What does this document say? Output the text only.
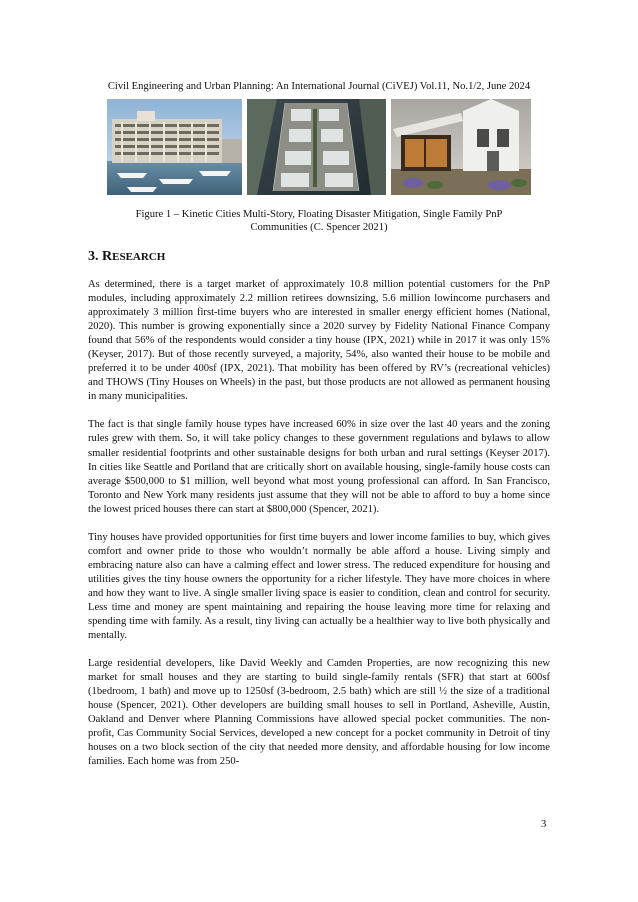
Civil Engineering and Urban Planning: An International Journal (CiVEJ) Vol.11, No.1/2, June 2024
Figure 1 – Kinetic Cities Multi-Story, Floating Disaster Mitigation, Single Family PnP Communities (C. Spencer 2021)
3. RESEARCH

As determined, there is a target market of approximately 10.8 million potential customers for the PnP modules, including approximately 2.2 million retirees downsizing, 5.6 million lowincome purchasers and approximately 3 million first-time buyers who are interested in smaller energy efficient homes (National, 2020). This number is growing exponentially since a 2020 survey by Fidelity National Finance Company found that 56% of the respondents would consider a tiny house (IPX, 2021) while in 2017 it was only 15% (Keyser, 2017). But of those recently surveyed, a majority, 54%, also wanted their house to be mobile and preferred it to be under 400sf (IPX, 2021). That mobility has been offered by RV’s (recreational vehicles) and THOWS (Tiny Houses on Wheels) in the past, but those products are not allowed as permanent housing in many municipalities.

The fact is that single family house types have increased 60% in size over the last 40 years and the zoning rules grew with them. So, it will take policy changes to these government regulations and bylaws to allow smaller residential footprints and other sustainable designs for both urban and rural settings (Keyser 2017). In cities like Seattle and Portland that are critically short on available housing, single-family house costs can average $500,000 to $1 million, well beyond what most young professional can afford. In San Francisco, Toronto and New York many residents just assume that they will not be able to afford to buy a home since the lowest priced houses there can start at $800,000 (Spencer, 2021).

Tiny houses have provided opportunities for first time buyers and lower income families to buy, which gives comfort and owner pride to those who wouldn’t normally be able afford a house. Living simply and embracing nature also can have a calming effect and lower stress. The reduced expenditure for housing and utilities gives the tiny house owners the opportunity for a richer lifestyle. They have more choices in where and how they want to live. A single smaller living space is easier to condition, clean and control for security. Less time and money are spent maintaining and repairing the house leaving more time for relaxing and spending time with family. As a result, tiny living can actually be a healthier way to live both physically and mentally.

Large residential developers, like David Weekly and Camden Properties, are now recognizing this new market for small houses and they are starting to build single-family rentals (SFR) that start at 600sf (1bedroom, 1 bath) and move up to 1250sf (3-bedroom, 2.5 bath) which are still ½ the size of a traditional house (Spencer, 2021). Other developers are building small houses to sell in Portland, Asheville, Austin, Oakland and Denver where Planning Commissions have allowed special pocket communities. The non-profit, Cas Community Social Services, developed a new concept for a pocket community in Detroit of tiny houses on a two block section of the city that needed more density, and affordable housing for low income families. Each home was from 250-

3
